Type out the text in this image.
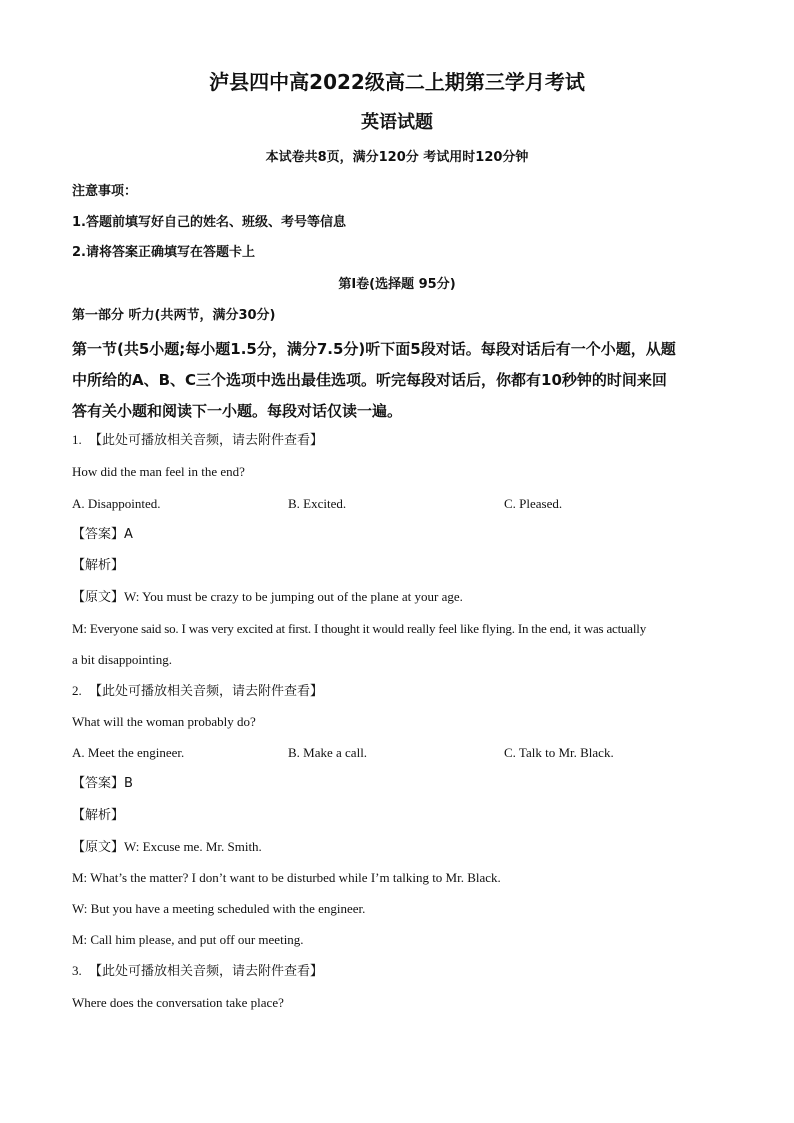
泸县四中高2022级高二上期第三学月考试
英语试题
本试卷共8页，满分120分 考试用时120分钟
注意事项：
1.答题前填写好自己的姓名、班级、考号等信息
2.请将答案正确填写在答题卡上
第I卷(选择题 95分)
第一部分 听力(共两节，满分30分)
第一节(共5小题;每小题1.5分，满分7.5分)听下面5段对话。每段对话后有一个小题，从题
中所给的A、B、C三个选项中选出最佳选项。听完每段对话后，你都有10秒钟的时间来回
答有关小题和阅读下一小题。每段对话仅读一遍。
1. 【此处可播放相关音频，请去附件查看】
How did the man feel in the end?
A. Disappointed.	B. Excited.	C. Pleased.
【答案】A
【解析】
【原文】W: You must be crazy to be jumping out of the plane at your age.
M: Everyone said so. I was very excited at first. I thought it would really feel like flying. In the end, it was actually
a bit disappointing.
2. 【此处可播放相关音频，请去附件查看】
What will the woman probably do?
A. Meet the engineer.	B. Make a call.	C. Talk to Mr. Black.
【答案】B
【解析】
【原文】W: Excuse me. Mr. Smith.
M: What’s the matter? I don’t want to be disturbed while I’m talking to Mr. Black.
W: But you have a meeting scheduled with the engineer.
M: Call him please, and put off our meeting.
3. 【此处可播放相关音频，请去附件查看】
Where does the conversation take place?
